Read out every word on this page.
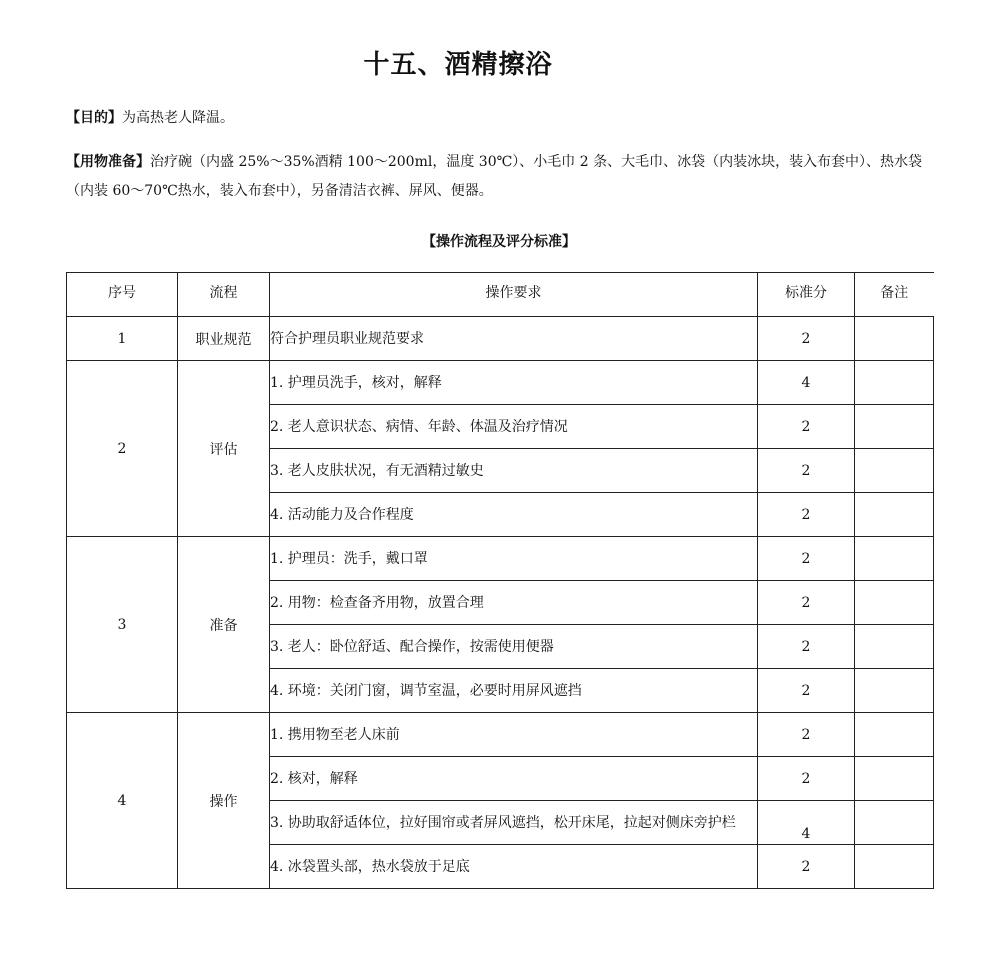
十五、酒精擦浴
【目的】为高热老人降温。
【用物准备】治疗碗（内盛 25%～35%酒精 100～200ml，温度 30℃）、小毛巾 2 条、大毛巾、冰袋（内装冰块，装入布套中）、热水袋（内装 60～70℃热水，装入布套中），另备清洁衣裤、屏风、便器。
【操作流程及评分标准】
序号	流程	操作要求	标准分	备注
1	职业规范	符合护理员职业规范要求	2	
2	评估	1. 护理员洗手，核对，解释	4	
		2. 老人意识状态、病情、年龄、体温及治疗情况	2	
		3. 老人皮肤状况，有无酒精过敏史	2	
		4. 活动能力及合作程度	2	
3	准备	1. 护理员：洗手，戴口罩	2	
		2. 用物：检查备齐用物，放置合理	2	
		3. 老人：卧位舒适、配合操作，按需使用便器	2	
		4. 环境：关闭门窗，调节室温，必要时用屏风遮挡	2	
4	操作	1. 携用物至老人床前	2	
		2. 核对，解释	2	
		3. 协助取舒适体位，拉好围帘或者屏风遮挡，松开床尾，拉起对侧床旁护栏	4	
		4. 冰袋置头部，热水袋放于足底	2	
